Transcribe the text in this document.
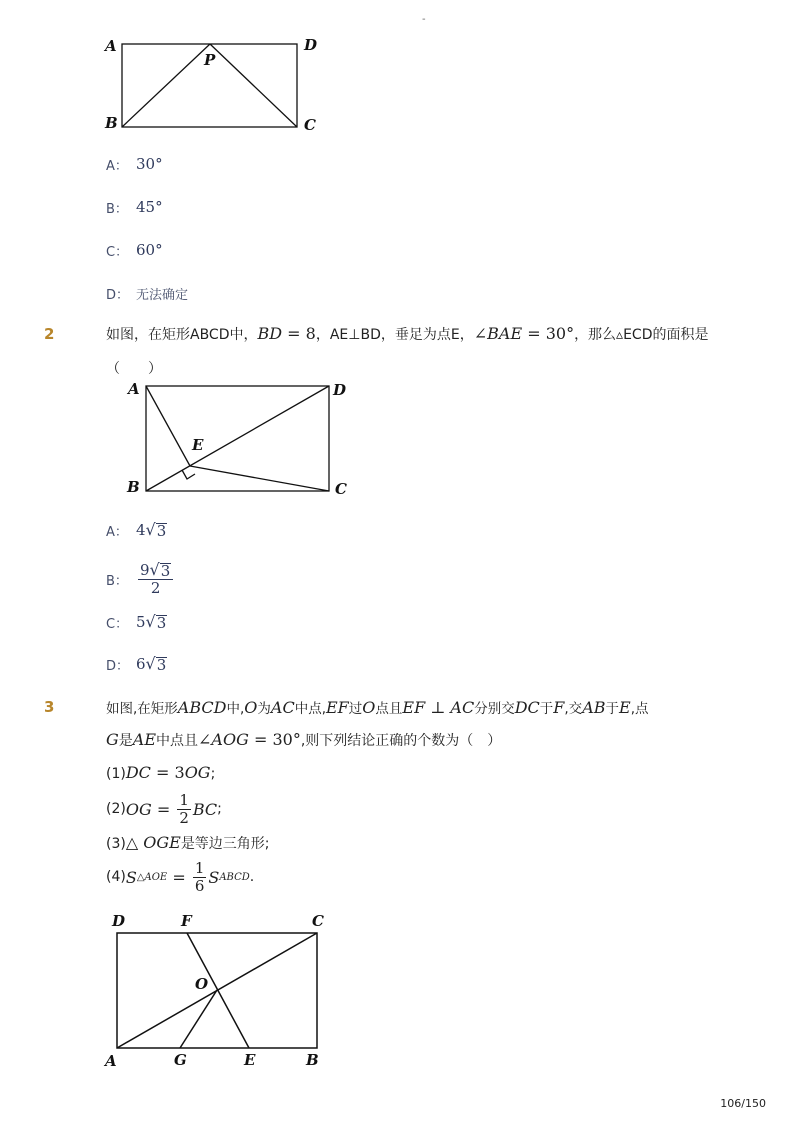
-
A	D
P
B	C
A： 30°
B： 45°
C： 60°
D： 无法确定
2	如图，在矩形ABCD中，BD = 8，AE⊥BD，垂足为点E，∠BAE = 30°，那么▵ECD的面积是
（　　）
A	D
E
B	C
A： 4 √ 3
B： $\frac{9 √ 3}{2}$
C： 5 √ 3
D： 6 √ 3
3	如图,在矩形ABCD中,O为AC中点,EF过O点且EF ⊥ AC分别交DC于F,交AB于E,点
G是AE中点且∠AOG = 30°,则下列结论正确的个数为（　）
(1)DC = 3OG;
(2) OG = $\frac{1}{2}$ BC ;
(3)△ OGE是等边三角形;
(4) S △AOE = $\frac{1}{6}$ S ABCD .
D	F	C
O
A	G	E	B
106/150
